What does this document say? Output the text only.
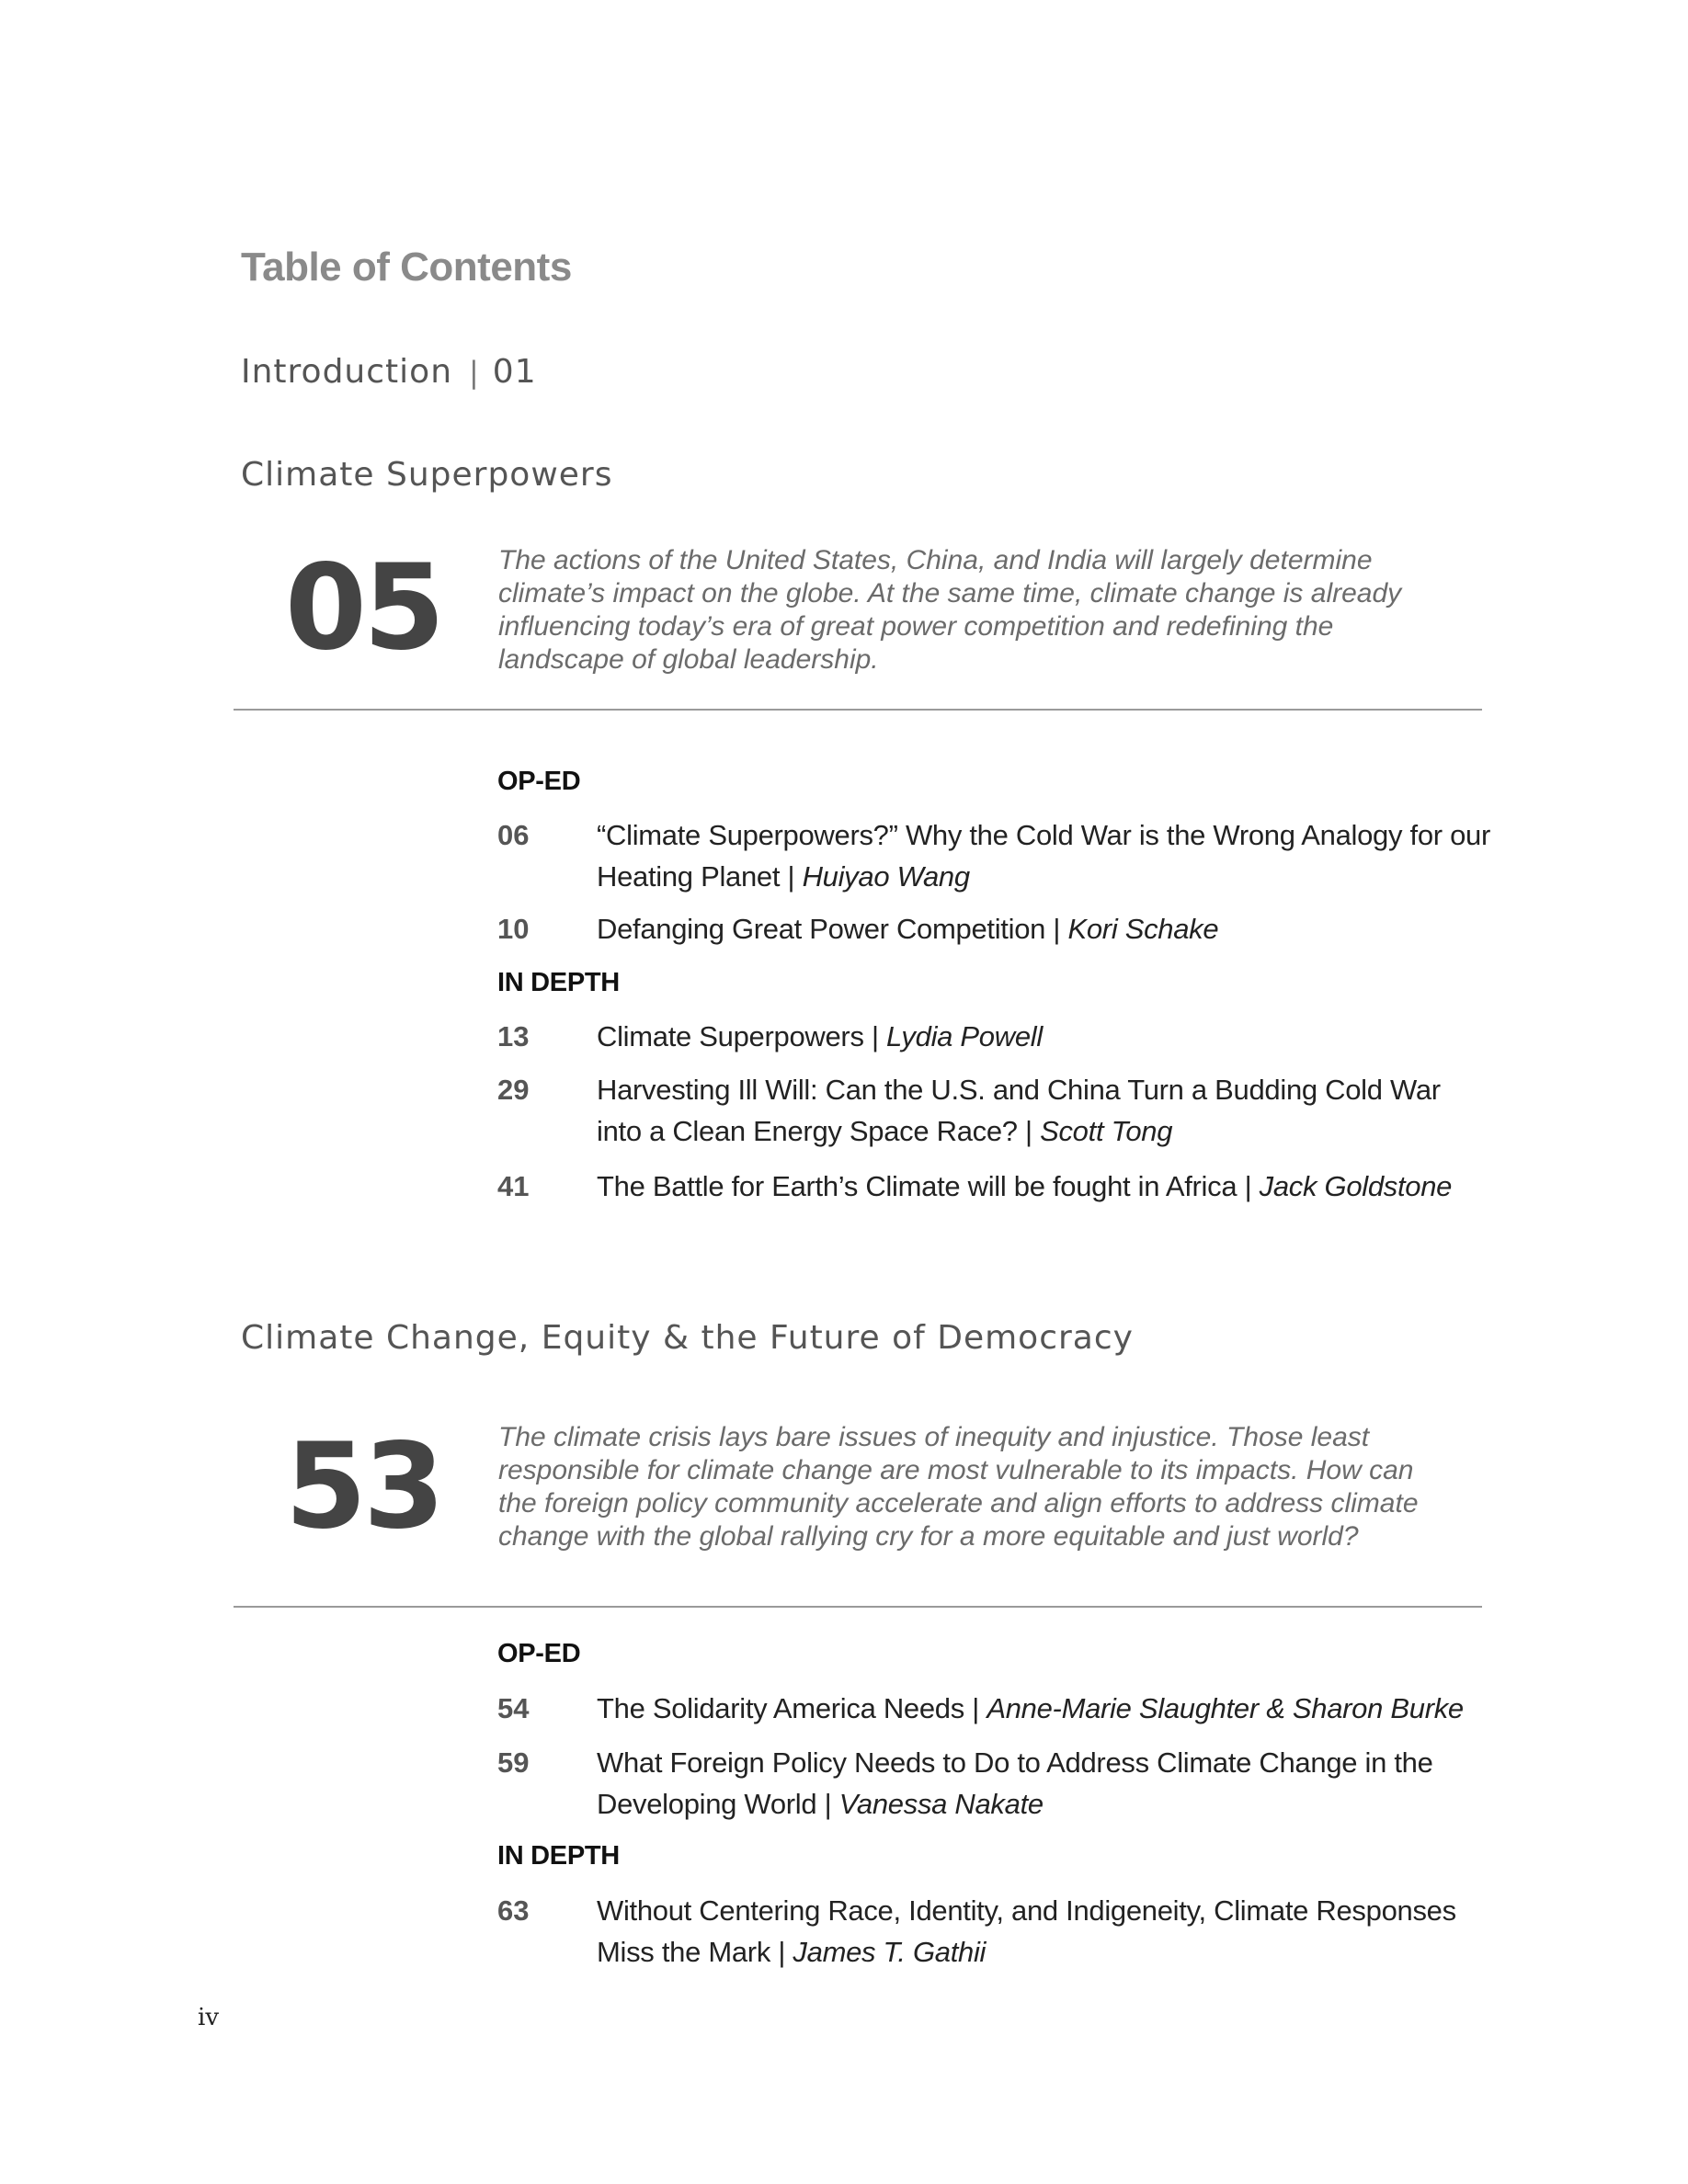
Table of Contents
Introduction | 01
Climate Superpowers
05 The actions of the United States, China, and India will largely determine climate’s impact on the globe. At the same time, climate change is already influencing today’s era of great power competition and redefining the landscape of global leadership.
OP-ED
06 “Climate Superpowers?” Why the Cold War is the Wrong Analogy for our Heating Planet | Huiyao Wang
10 Defanging Great Power Competition | Kori Schake
IN DEPTH
13 Climate Superpowers | Lydia Powell
29 Harvesting Ill Will: Can the U.S. and China Turn a Budding Cold War into a Clean Energy Space Race? | Scott Tong
41 The Battle for Earth’s Climate will be fought in Africa | Jack Goldstone
Climate Change, Equity & the Future of Democracy
53 The climate crisis lays bare issues of inequity and injustice. Those least responsible for climate change are most vulnerable to its impacts. How can the foreign policy community accelerate and align efforts to address climate change with the global rallying cry for a more equitable and just world?
OP-ED
54 The Solidarity America Needs | Anne-Marie Slaughter & Sharon Burke
59 What Foreign Policy Needs to Do to Address Climate Change in the Developing World | Vanessa Nakate
IN DEPTH
63 Without Centering Race, Identity, and Indigeneity, Climate Responses Miss the Mark | James T. Gathii
iv
